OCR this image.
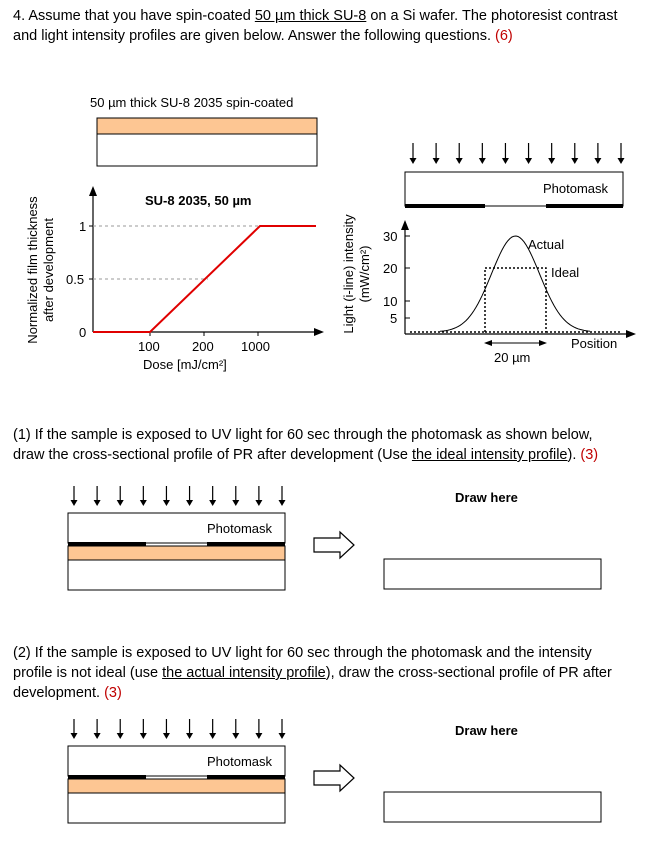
4. Assume that you have spin-coated 50 µm thick SU-8 on a Si wafer. The photoresist contrast
and light intensity profiles are given below. Answer the following questions. (6)
50 µm thick SU-8 2035 spin-coated
SU-8 2035, 50 µm
Normalized film thickness
after development 1
0.5
0
100 200 1000
Dose [mJ/cm²]
Photomask
Light (i-line) intensity
(mW/cm²)
30
20
10
5
Actual
Ideal
Position
20 µm
(1) If the sample is exposed to UV light for 60 sec through the photomask as shown below,
draw the cross-sectional profile of PR after development (Use the ideal intensity profile). (3)
Photomask
Draw here
(2) If the sample is exposed to UV light for 60 sec through the photomask and the intensity
profile is not ideal (use the actual intensity profile), draw the cross-sectional profile of PR after
development. (3)
Photomask
Draw here
